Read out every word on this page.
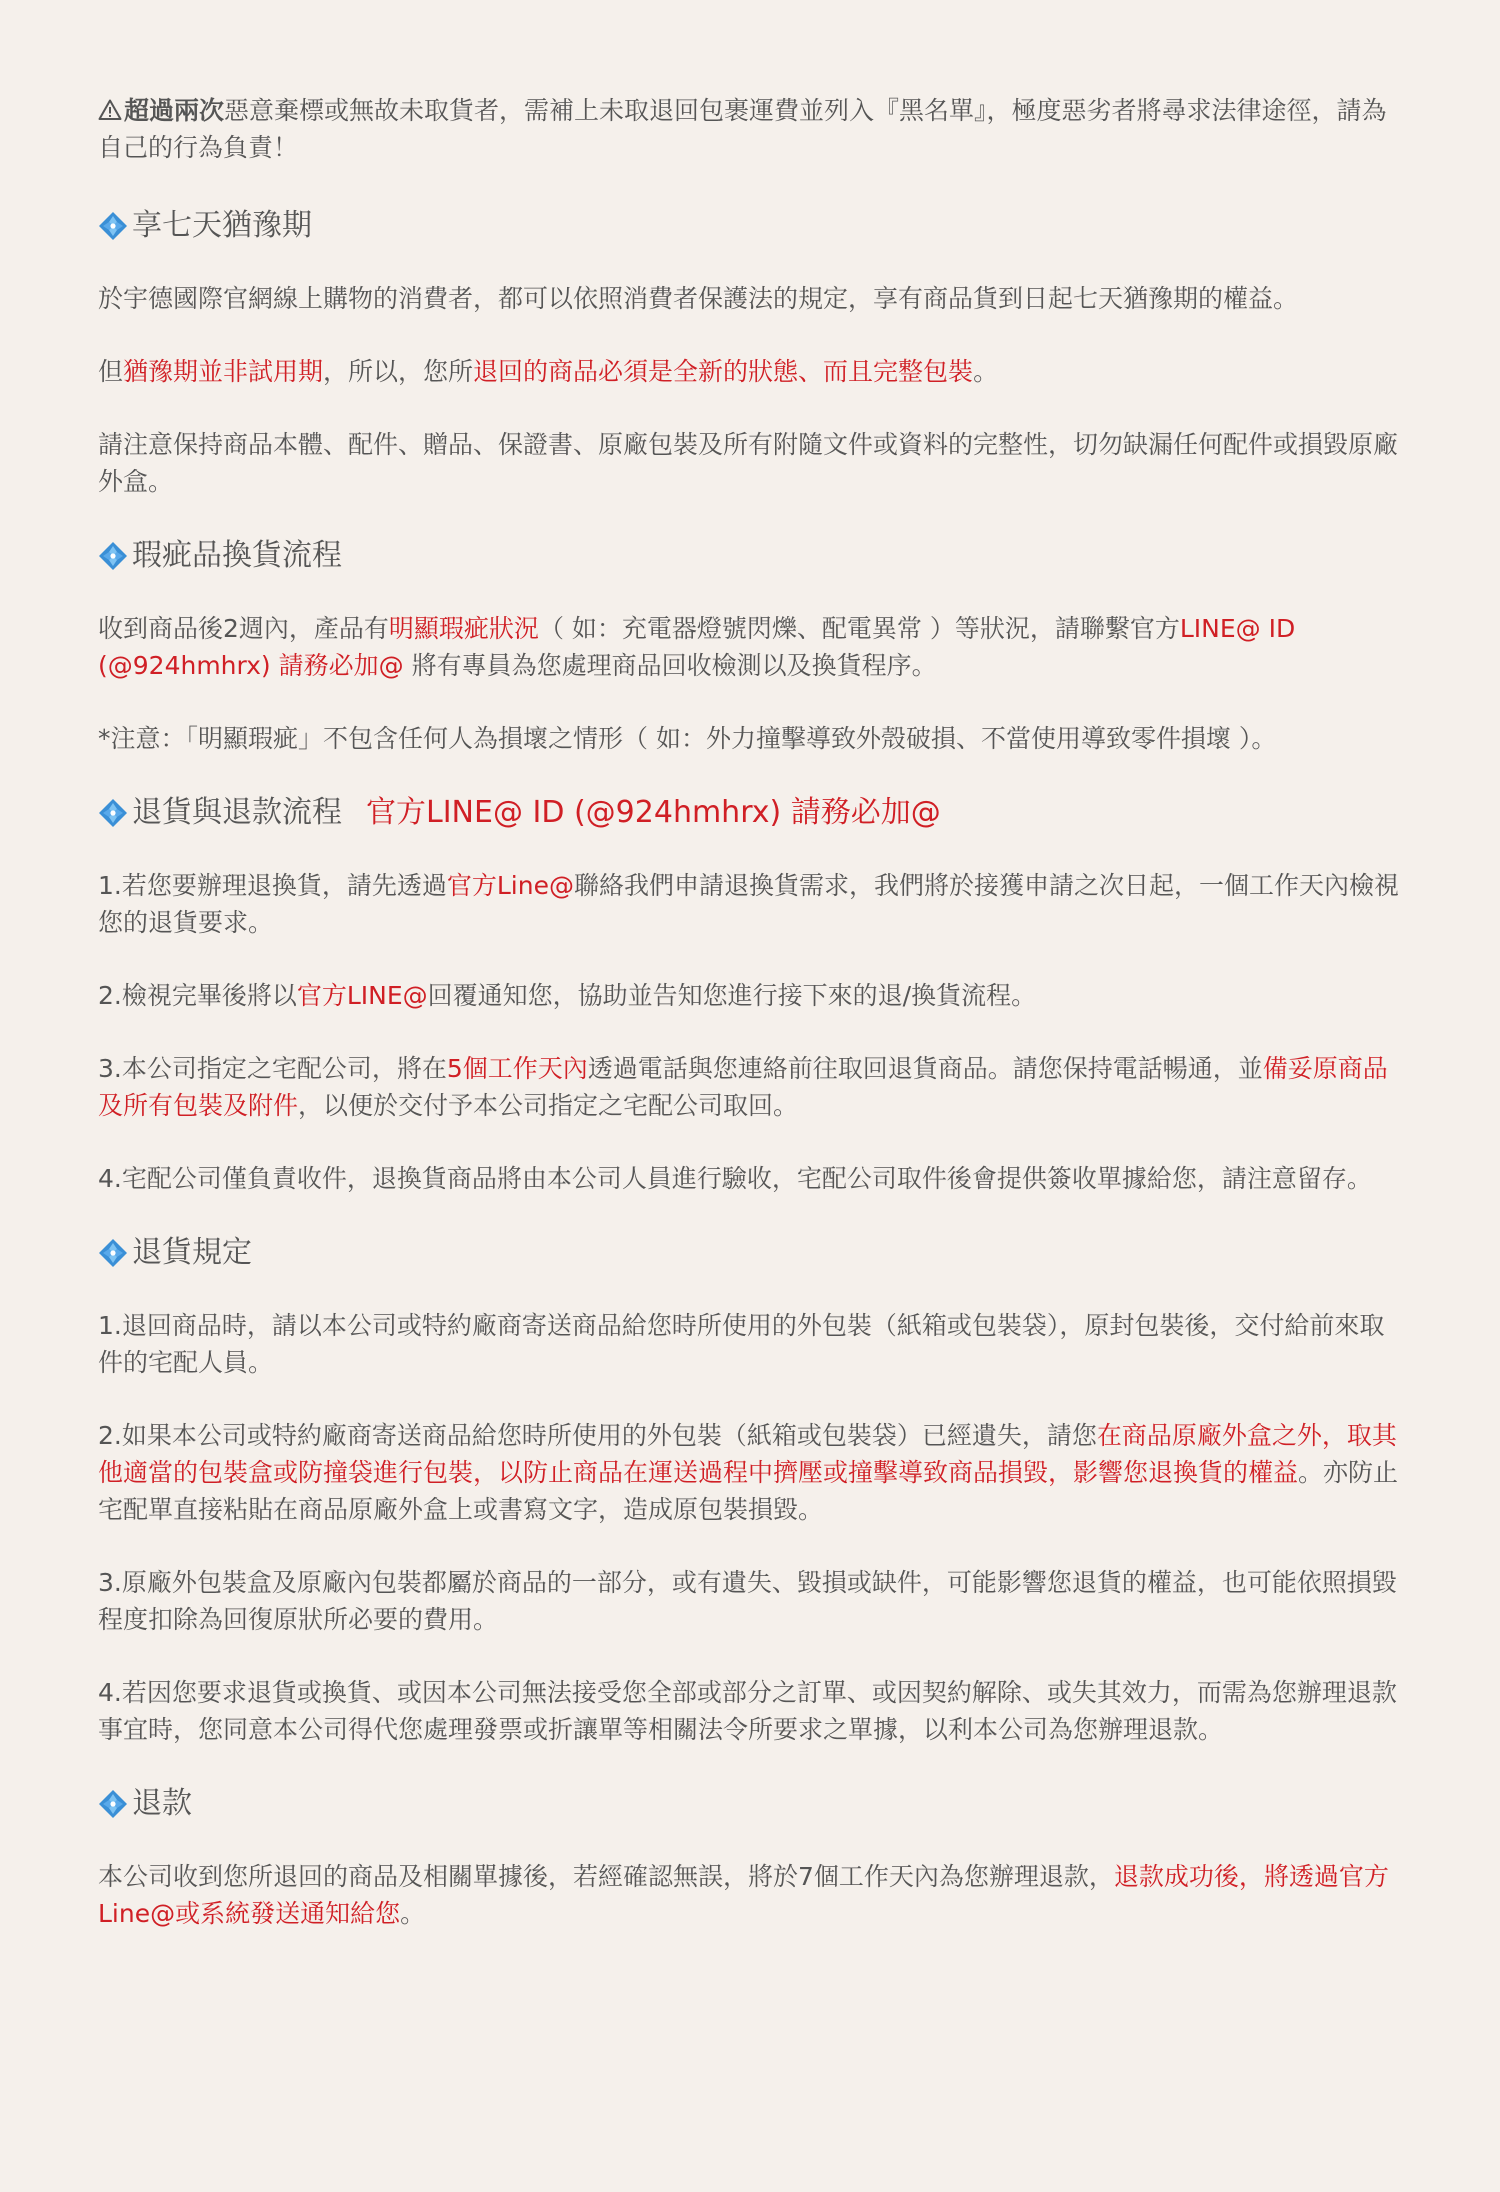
超過兩次惡意棄標或無故未取貨者，需補上未取退回包裹運費並列入『黑名單』，極度惡劣者將尋求法律途徑，請為自己的行為負責！

享七天猶豫期

於宇德國際官網線上購物的消費者，都可以依照消費者保護法的規定，享有商品貨到日起七天猶豫期的權益。

但猶豫期並非試用期，所以，您所退回的商品必須是全新的狀態、而且完整包裝。

請注意保持商品本體、配件、贈品、保證書、原廠包裝及所有附隨文件或資料的完整性，切勿缺漏任何配件或損毀原廠外盒。

瑕疵品換貨流程

收到商品後2週內，產品有明顯瑕疵狀況（ 如：充電器燈號閃爍、配電異常 ）等狀況，請聯繫官方LINE@ ID (@924hmhrx) 請務必加@ 將有專員為您處理商品回收檢測以及換貨程序。

*注意：「明顯瑕疵」不包含任何人為損壞之情形（ 如：外力撞擊導致外殼破損、不當使用導致零件損壞 ）。

退貨與退款流程 官方LINE@ ID (@924hmhrx) 請務必加@

1.若您要辦理退換貨，請先透過官方Line@聯絡我們申請退換貨需求，我們將於接獲申請之次日起，一個工作天內檢視您的退貨要求。

2.檢視完畢後將以官方LINE@回覆通知您，協助並告知您進行接下來的退/換貨流程。

3.本公司指定之宅配公司，將在5個工作天內透過電話與您連絡前往取回退貨商品。請您保持電話暢通，並備妥原商品及所有包裝及附件，以便於交付予本公司指定之宅配公司取回。

4.宅配公司僅負責收件，退換貨商品將由本公司人員進行驗收，宅配公司取件後會提供簽收單據給您，請注意留存。

退貨規定

1.退回商品時，請以本公司或特約廠商寄送商品給您時所使用的外包裝（紙箱或包裝袋），原封包裝後，交付給前來取件的宅配人員。

2.如果本公司或特約廠商寄送商品給您時所使用的外包裝（紙箱或包裝袋）已經遺失，請您在商品原廠外盒之外，取其他適當的包裝盒或防撞袋進行包裝，以防止商品在運送過程中擠壓或撞擊導致商品損毀，影響您退換貨的權益。亦防止宅配單直接粘貼在商品原廠外盒上或書寫文字，造成原包裝損毀。

3.原廠外包裝盒及原廠內包裝都屬於商品的一部分，或有遺失、毀損或缺件，可能影響您退貨的權益，也可能依照損毀程度扣除為回復原狀所必要的費用。

4.若因您要求退貨或換貨、或因本公司無法接受您全部或部分之訂單、或因契約解除、或失其效力，而需為您辦理退款事宜時，您同意本公司得代您處理發票或折讓單等相關法令所要求之單據，以利本公司為您辦理退款。

退款

本公司收到您所退回的商品及相關單據後，若經確認無誤，將於7個工作天內為您辦理退款，退款成功後，將透過官方Line@或系統發送通知給您。
